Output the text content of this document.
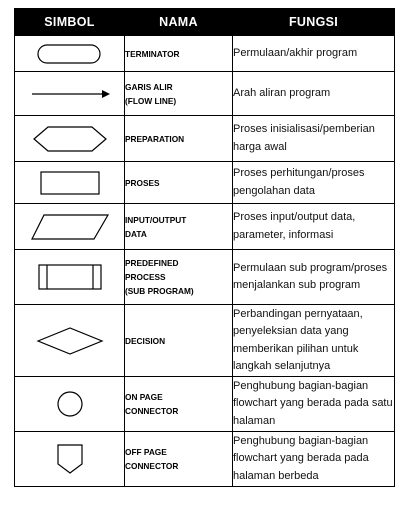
SIMBOL	NAMA	FUNGSI

	TERMINATOR	Permulaan/akhir program

	GARIS ALIR
(FLOW LINE)	Arah aliran program

	PREPARATION	Proses inisialisasi/pemberian harga awal

	PROSES	Proses perhitungan/proses pengolahan data

	INPUT/OUTPUT
DATA	Proses input/output data, parameter, informasi

	PREDEFINED
PROCESS
(SUB PROGRAM)	Permulaan sub program/proses menjalankan sub program

	DECISION	Perbandingan pernyataan, penyeleksian data yang memberikan pilihan untuk langkah selanjutnya

	ON PAGE
CONNECTOR	Penghubung bagian-bagian flowchart yang berada pada satu halaman

	OFF PAGE
CONNECTOR	Penghubung bagian-bagian flowchart yang berada pada halaman berbeda
